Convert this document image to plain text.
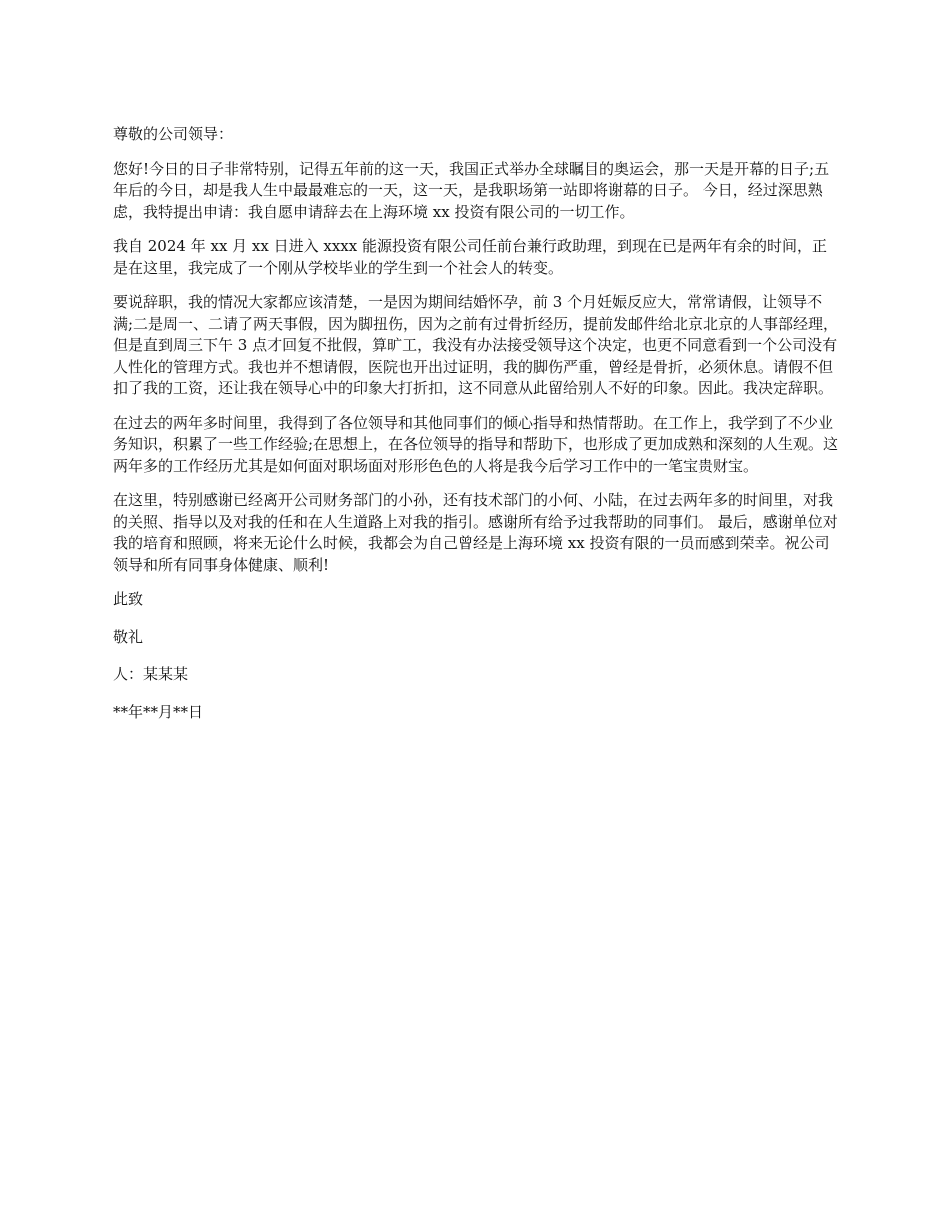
尊敬的公司领导：

您好!今日的日子非常特别，记得五年前的这一天，我国正式举办全球瞩目的奥运会，那一天是开幕的日子;五年后的今日，却是我人生中最最难忘的一天，这一天，是我职场第一站即将谢幕的日子。 今日，经过深思熟虑，我特提出申请：我自愿申请辞去在上海环境 xx 投资有限公司的一切工作。

我自 2024 年 xx 月 xx 日进入 xxxx 能源投资有限公司任前台兼行政助理，到现在已是两年有余的时间，正是在这里，我完成了一个刚从学校毕业的学生到一个社会人的转变。

要说辞职，我的情况大家都应该清楚，一是因为期间结婚怀孕，前 3 个月妊娠反应大，常常请假，让领导不满;二是周一、二请了两天事假，因为脚扭伤，因为之前有过骨折经历，提前发邮件给北京北京的人事部经理，但是直到周三下午 3 点才回复不批假，算旷工，我没有办法接受领导这个决定，也更不同意看到一个公司没有人性化的管理方式。我也并不想请假，医院也开出过证明，我的脚伤严重，曾经是骨折，必须休息。请假不但扣了我的工资，还让我在领导心中的印象大打折扣，这不同意从此留给别人不好的印象。因此。我决定辞职。

在过去的两年多时间里，我得到了各位领导和其他同事们的倾心指导和热情帮助。在工作上，我学到了不少业务知识，积累了一些工作经验;在思想上，在各位领导的指导和帮助下，也形成了更加成熟和深刻的人生观。这两年多的工作经历尤其是如何面对职场面对形形色色的人将是我今后学习工作中的一笔宝贵财宝。

在这里，特别感谢已经离开公司财务部门的小孙，还有技术部门的小何、小陆，在过去两年多的时间里，对我的关照、指导以及对我的任和在人生道路上对我的指引。感谢所有给予过我帮助的同事们。 最后，感谢单位对我的培育和照顾，将来无论什么时候，我都会为自己曾经是上海环境 xx 投资有限的一员而感到荣幸。祝公司领导和所有同事身体健康、顺利!

此致

敬礼

人：某某某

**年**月**日
